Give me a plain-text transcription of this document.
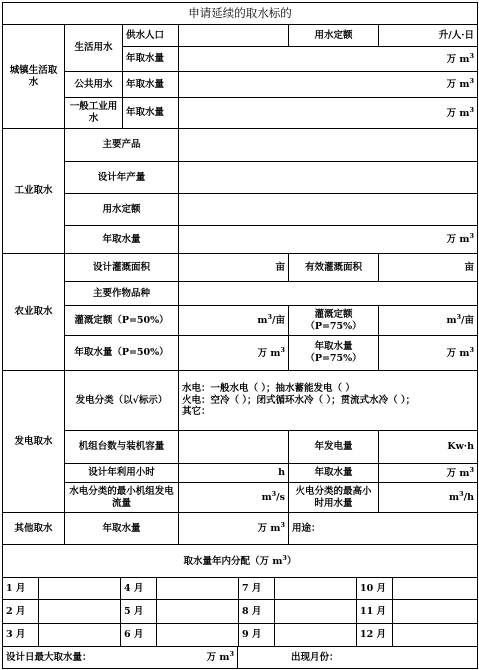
申请延续的取水标的					
城镇生活取水	生活用水	供水人口		用水定额	升/人·日
		年取水量	万 $m^3$
	公共用水	年取水量	万 $m^3$
	一般工业用水	年取水量	万 $m^3$
工业取水	主要产品				
	设计年产量				
	用水定额				
	年取水量		万 $m^3$
农业取水	设计灌溉面积		亩	有效灌溉面积	亩
	主要作物品种				
	灌溉定额（P=50%）		$m^3/$亩	灌溉定额（P=75%）	$m^3/$亩
	年取水量（P=50%）		万 $m^3$	年取水量（P=75%）	万 $m^3$
发电取水	发电分类（以√标示）		水电：一般水电（ ）；抽水蓄能发电（ ）
火电：空冷（ ）；闭式循环水冷（ ）；贯流式水冷（ ）；
其它：		

	机组台数与装机容量			年发电量	Kw·h
	设计年利用小时		h	年取水量	万 $m^3$
	水电分类的最小机组发电流量		$m^3/s$	火电分类的最高小时用水量	$m^3/h$
其他取水	年取水量		万 $m^3$	用途：	
取水量年内分配（万 $m^3$）					
1 月		4 月		7 月		10 月	
2 月		5 月		8 月		11 月	
3 月		6 月		9 月		12 月	
设计日最大取水量：	万 $m^3$	出现月份：
